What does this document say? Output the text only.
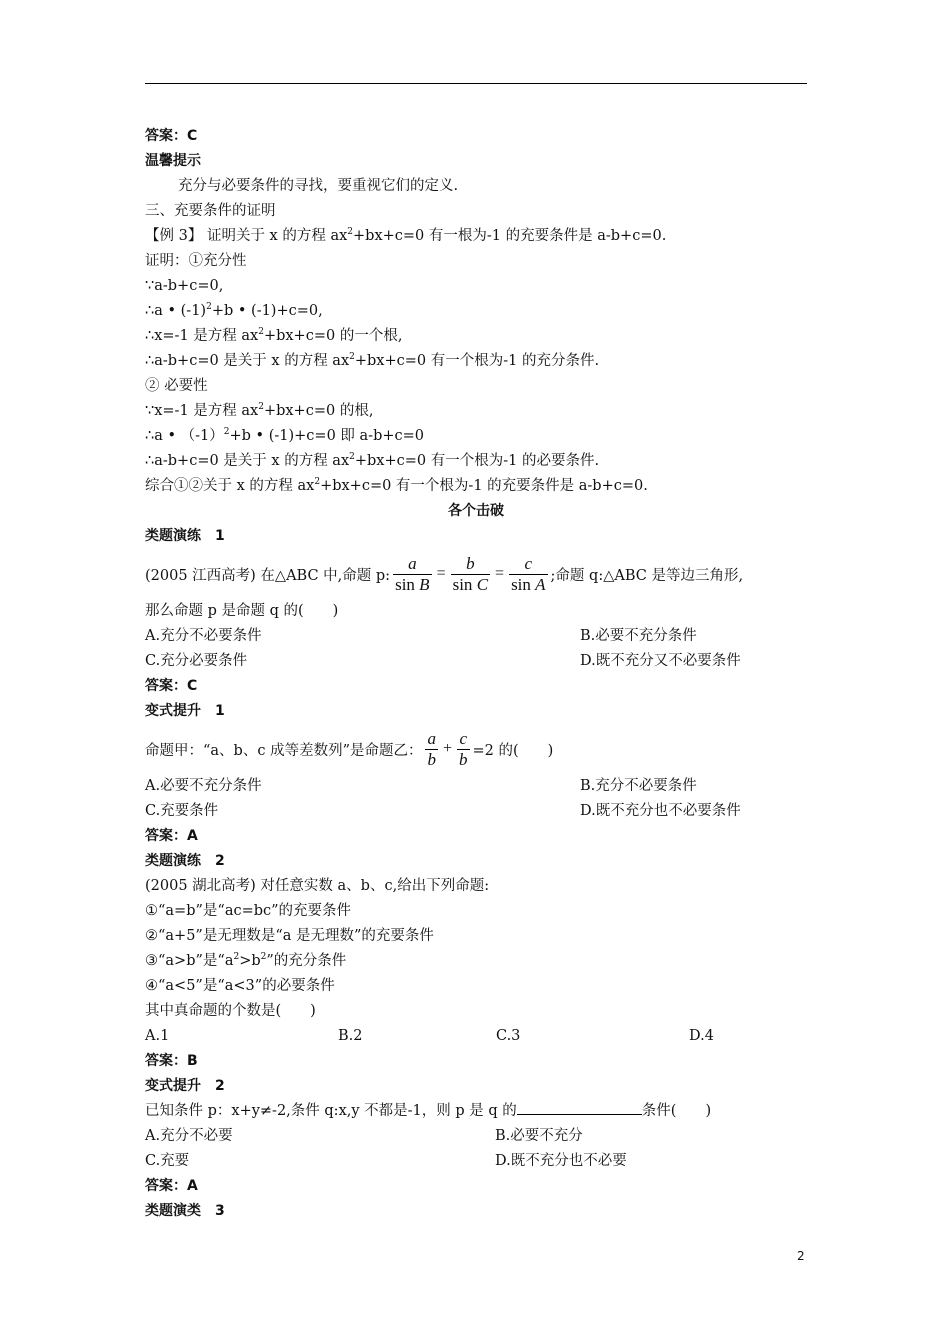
答案：C
温馨提示
充分与必要条件的寻找，要重视它们的定义.
三、充要条件的证明
【例 3】 证明关于 x 的方程 $ax^2+bx+c=0$ 有一根为-1 的充要条件是 a-b+c=0.
证明：①充分性
∵a-b+c=0,
∴a • $(-1)^2+b$ • (-1)+c=0,
∴x=-1 是方程 $ax^2+bx+c=0$ 的一个根,
∴a-b+c=0 是关于 x 的方程 $ax^2+bx+c=0$ 有一个根为-1 的充分条件.
② 必要性
∵x=-1 是方程 $ax^2+bx+c=0$ 的根,
∴a • $(-1)^2+b$ • (-1)+c=0 即 a-b+c=0
∴a-b+c=0 是关于 x 的方程 $ax^2+bx+c=0$ 有一个根为-1 的必要条件.
综合①②关于 x 的方程 $ax^2+bx+c=0$ 有一个根为-1 的充要条件是 a-b+c=0.
各个击破
类题演练　1
(2005 江西高考) 在△ABC 中,命题 p: $\frac{a}{\text{sin B}} = \frac{b}{\text{sin C}} = \frac{c}{\text{sin A}}$ ;命题 q:△ABC 是等边三角形,
那么命题 p 是命题 q 的(　　)
A.充分不必要条件	B.必要不充分条件
C.充分必要条件	D.既不充分又不必要条件
答案：C
变式提升　1
命题甲：“a、b、c 成等差数列”是命题乙： $\frac{a}{b} + \frac{c}{b} =2$ 的(　　)
A.必要不充分条件	B.充分不必要条件
C.充要条件	D.既不充分也不必要条件
答案：A
类题演练　2
(2005 湖北高考) 对任意实数 a、b、c,给出下列命题:
①“a=b”是“ac=bc”的充要条件
②“a+5”是无理数是“a 是无理数”的充要条件
③“a>b”是“$a^2>b^2$”的充分条件
④“a<5”是“a<3”的必要条件
其中真命题的个数是(　　)
A.1	B.2	C.3	D.4
答案：B
变式提升　2
已知条件 p：x+y≠-2,条件 q:x,y 不都是-1，则 p 是 q 的	条件(　　)
A.充分不必要	B.必要不充分
C.充要	D.既不充分也不必要
答案：A
类题演类　3
2
